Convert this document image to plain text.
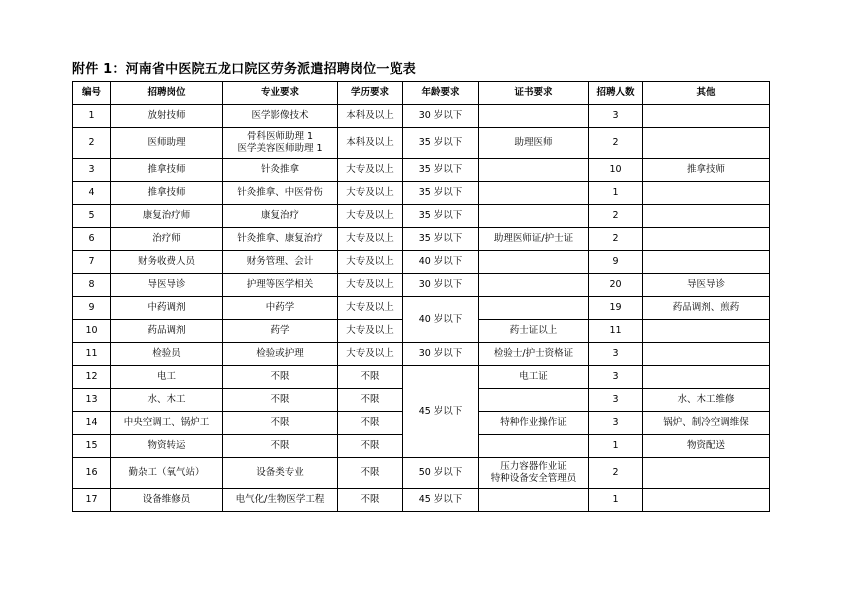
附件 1：河南省中医院五龙口院区劳务派遣招聘岗位一览表
编号	招聘岗位	专业要求	学历要求	年龄要求	证书要求	招聘人数	其他
1	放射技师	医学影像技术	本科及以上	30 岁以下		3	
2	医师助理	骨科医师助理 1
医学美容医师助理 1	本科及以上	35 岁以下	助理医师	2	
3	推拿技师	针灸推拿	大专及以上	35 岁以下		10	推拿技师
4	推拿技师	针灸推拿、中医骨伤	大专及以上	35 岁以下		1	
5	康复治疗师	康复治疗	大专及以上	35 岁以下		2	
6	治疗师	针灸推拿、康复治疗	大专及以上	35 岁以下	助理医师证/护士证	2	
7	财务收费人员	财务管理、会计	大专及以上	40 岁以下		9	
8	导医导诊	护理等医学相关	大专及以上	30 岁以下		20	导医导诊
9	中药调剂	中药学	大专及以上	40 岁以下		19	药品调剂、煎药
10	药品调剂	药学	大专及以上		药士证以上	11	
11	检验员	检验或护理	大专及以上	30 岁以下	检验士/护士资格证	3	
12	电工	不限	不限	45 岁以下	电工证	3	
13	水、木工	不限	不限			3	水、木工维修
14	中央空调工、锅炉工	不限	不限		特种作业操作证	3	锅炉、制冷空调维保
15	物资转运	不限	不限			1	物资配送
16	勤杂工（氧气站）	设备类专业	不限	50 岁以下	压力容器作业证
特种设备安全管理员	2	
17	设备维修员	电气化/生物医学工程	不限	45 岁以下		1	
